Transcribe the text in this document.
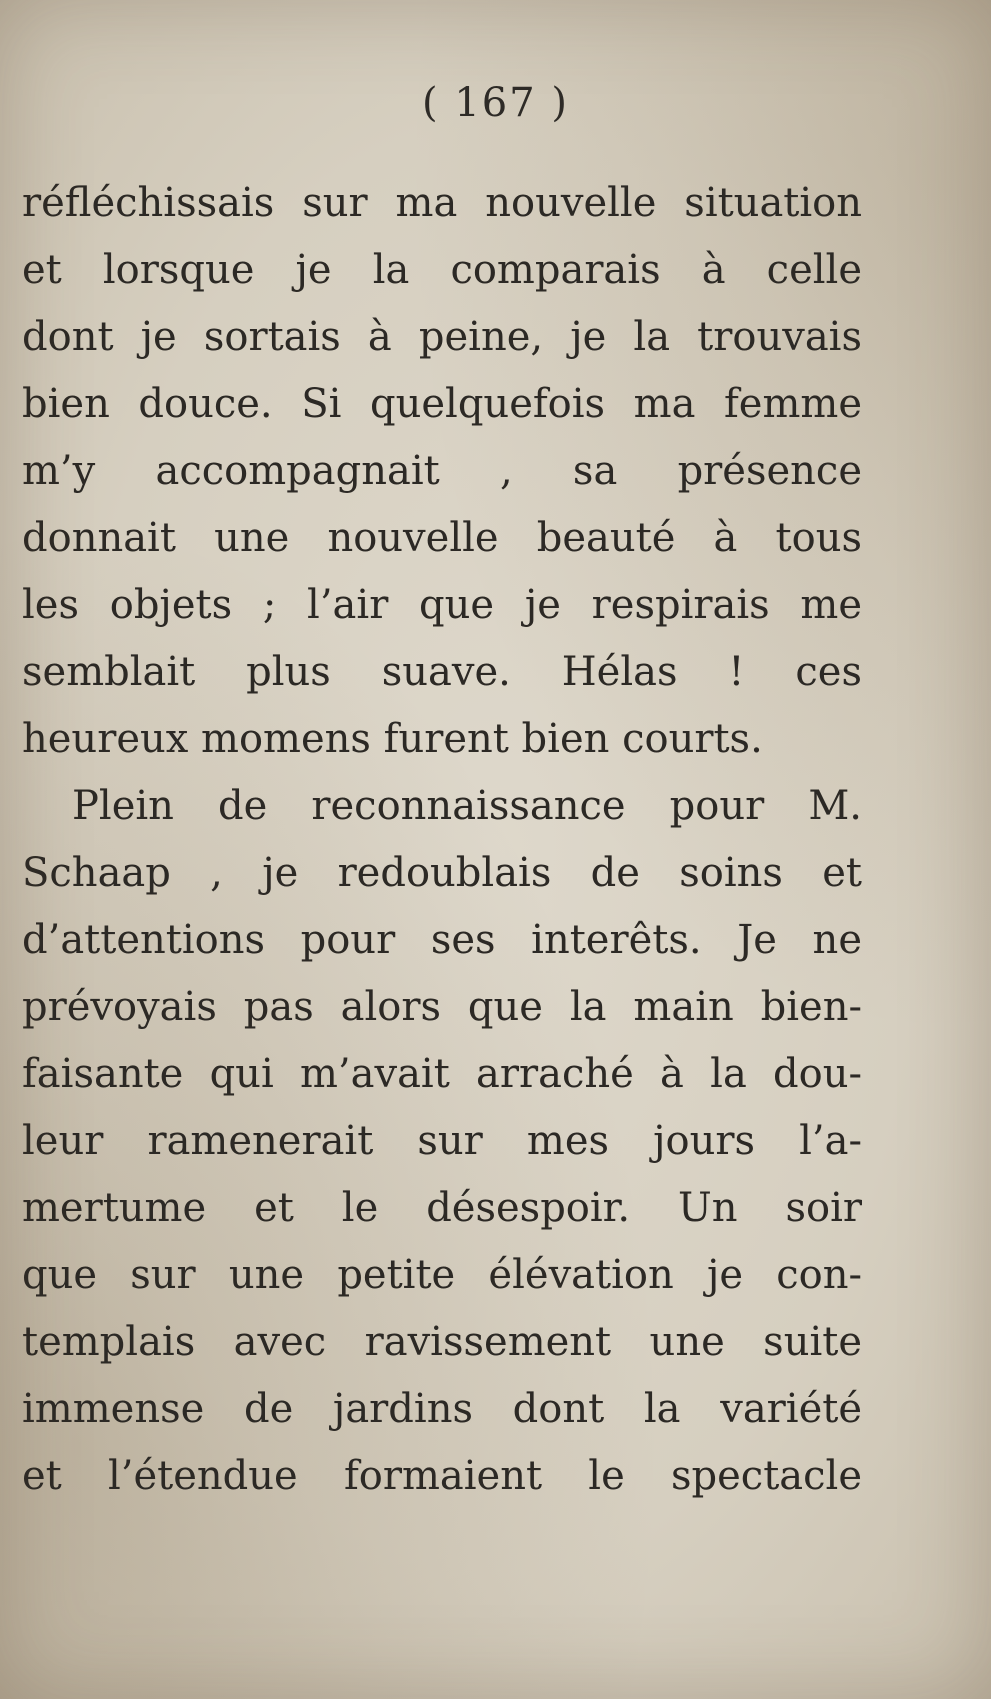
( 167 )
réfléchissais sur ma nouvelle situation
et lorsque je la comparais à celle
dont je sortais à peine, je la trouvais
bien douce. Si quelquefois ma femme
m’y accompagnait , sa présence
donnait une nouvelle beauté à tous
les objets ; l’air que je respirais me
semblait plus suave. Hélas ! ces
heureux momens furent bien courts.
Plein de reconnaissance pour M.
Schaap , je redoublais de soins et
d’attentions pour ses interêts. Je ne
prévoyais pas alors que la main bien-
faisante qui m’avait arraché à la dou-
leur ramenerait sur mes jours l’a-
mertume et le désespoir. Un soir
que sur une petite élévation je con-
templais avec ravissement une suite
immense de jardins dont la variété
et l’étendue formaient le spectacle
